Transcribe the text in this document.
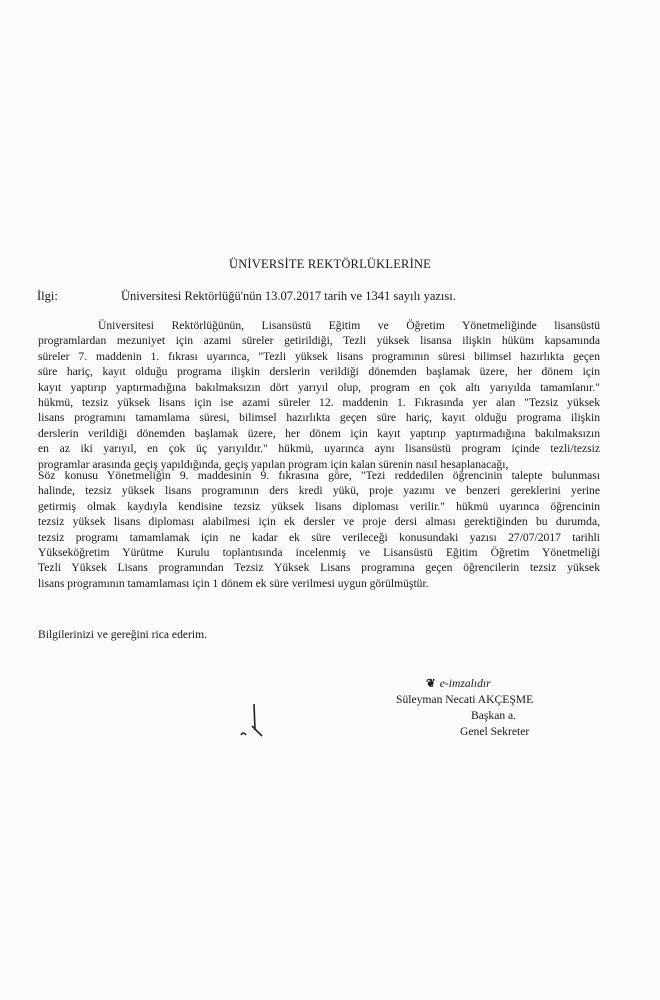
ÜNİVERSİTE REKTÖRLÜKLERİNE
İlgi:	Üniversitesi Rektörlüğü'nün 13.07.2017 tarih ve 1341 sayılı yazısı.
Üniversitesi Rektörlüğünün, Lisansüstü Eğitim ve Öğretim Yönetmeliğinde lisansüstü
programlardan mezuniyet için azami süreler getirildiği, Tezli yüksek lisansa ilişkin hüküm kapsamında
süreler 7. maddenin 1. fıkrası uyarınca, "Tezli yüksek lisans programının süresi bilimsel hazırlıkta geçen
süre hariç, kayıt olduğu programa ilişkin derslerin verildiği dönemden başlamak üzere, her dönem için
kayıt yaptırıp yaptırmadığına bakılmaksızın dört yarıyıl olup, program en çok altı yarıyılda tamamlanır."
hükmü, tezsiz yüksek lisans için ise azami süreler 12. maddenin 1. Fıkrasında yer alan "Tezsiz yüksek
lisans programını tamamlama süresi, bilimsel hazırlıkta geçen süre hariç, kayıt olduğu programa ilişkin
derslerin verildiği dönemden başlamak üzere, her dönem için kayıt yaptırıp yaptırmadığına bakılmaksızın
en az iki yarıyıl, en çok üç yarıyıldır." hükmü, uyarınca aynı lisansüstü program içinde tezli/tezsiz
programlar arasında geçiş yapıldığında, geçiş yapılan program için kalan sürenin nasıl hesaplanacağı,
Söz konusu Yönetmeliğin 9. maddesinin 9. fıkrasına göre, "Tezi reddedilen öğrencinin talepte bulunması
halinde, tezsiz yüksek lisans programının ders kredi yükü, proje yazımı ve benzeri gereklerini yerine
getirmiş olmak kaydıyla kendisine tezsiz yüksek lisans diploması verilir." hükmü uyarınca öğrencinin
tezsiz yüksek lisans diploması alabilmesi için ek dersler ve proje dersi alması gerektiğinden bu durumda,
tezsiz programı tamamlamak için ne kadar ek süre verileceği konusundaki yazısı 27/07/2017 tarihli
Yükseköğretim Yürütme Kurulu toplantısında incelenmiş ve Lisansüstü Eğitim Öğretim Yönetmeliği
Tezli Yüksek Lisans programından Tezsiz Yüksek Lisans programına geçen öğrencilerin tezsiz yüksek
lisans programının tamamlaması için 1 dönem ek süre verilmesi uygun görülmüştür.
Bilgilerinizi ve gereğini rica ederim.
❦ e-imzalıdır
Süleyman Necati AKÇEŞME
Başkan a.
Genel Sekreter
